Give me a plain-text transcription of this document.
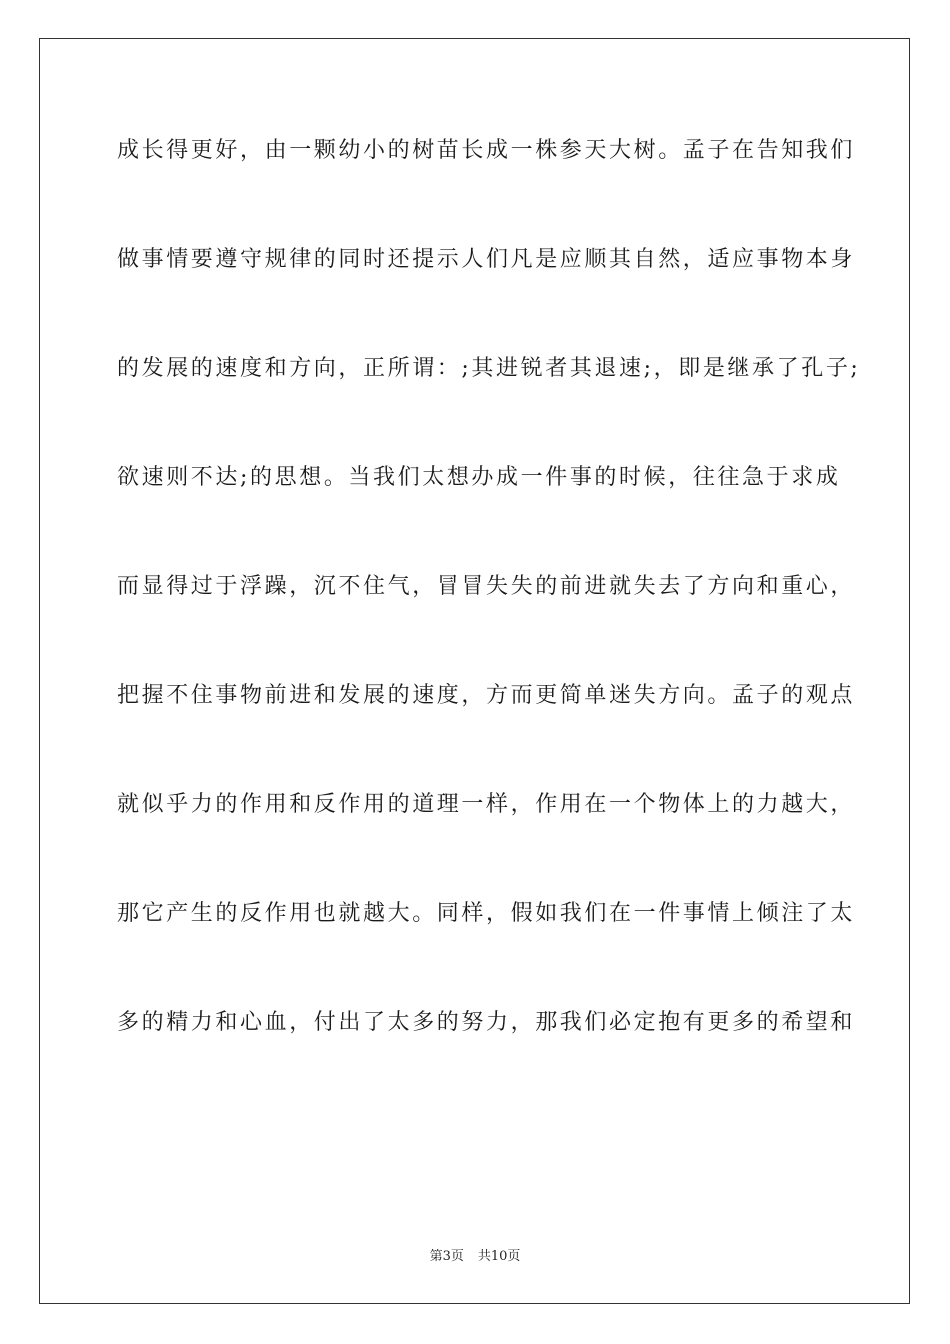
成长得更好，由一颗幼小的树苗长成一株参天大树。孟子在告知我们
做事情要遵守规律的同时还提示人们凡是应顺其自然，适应事物本身
的发展的速度和方向，正所谓：;其进锐者其退速;，即是继承了孔子;
欲速则不达;的思想。当我们太想办成一件事的时候，往往急于求成
而显得过于浮躁，沉不住气，冒冒失失的前进就失去了方向和重心，
把握不住事物前进和发展的速度，方而更简单迷失方向。孟子的观点
就似乎力的作用和反作用的道理一样，作用在一个物体上的力越大，
那它产生的反作用也就越大。同样，假如我们在一件事情上倾注了太
多的精力和心血，付出了太多的努力，那我们必定抱有更多的希望和
第3页 共10页
